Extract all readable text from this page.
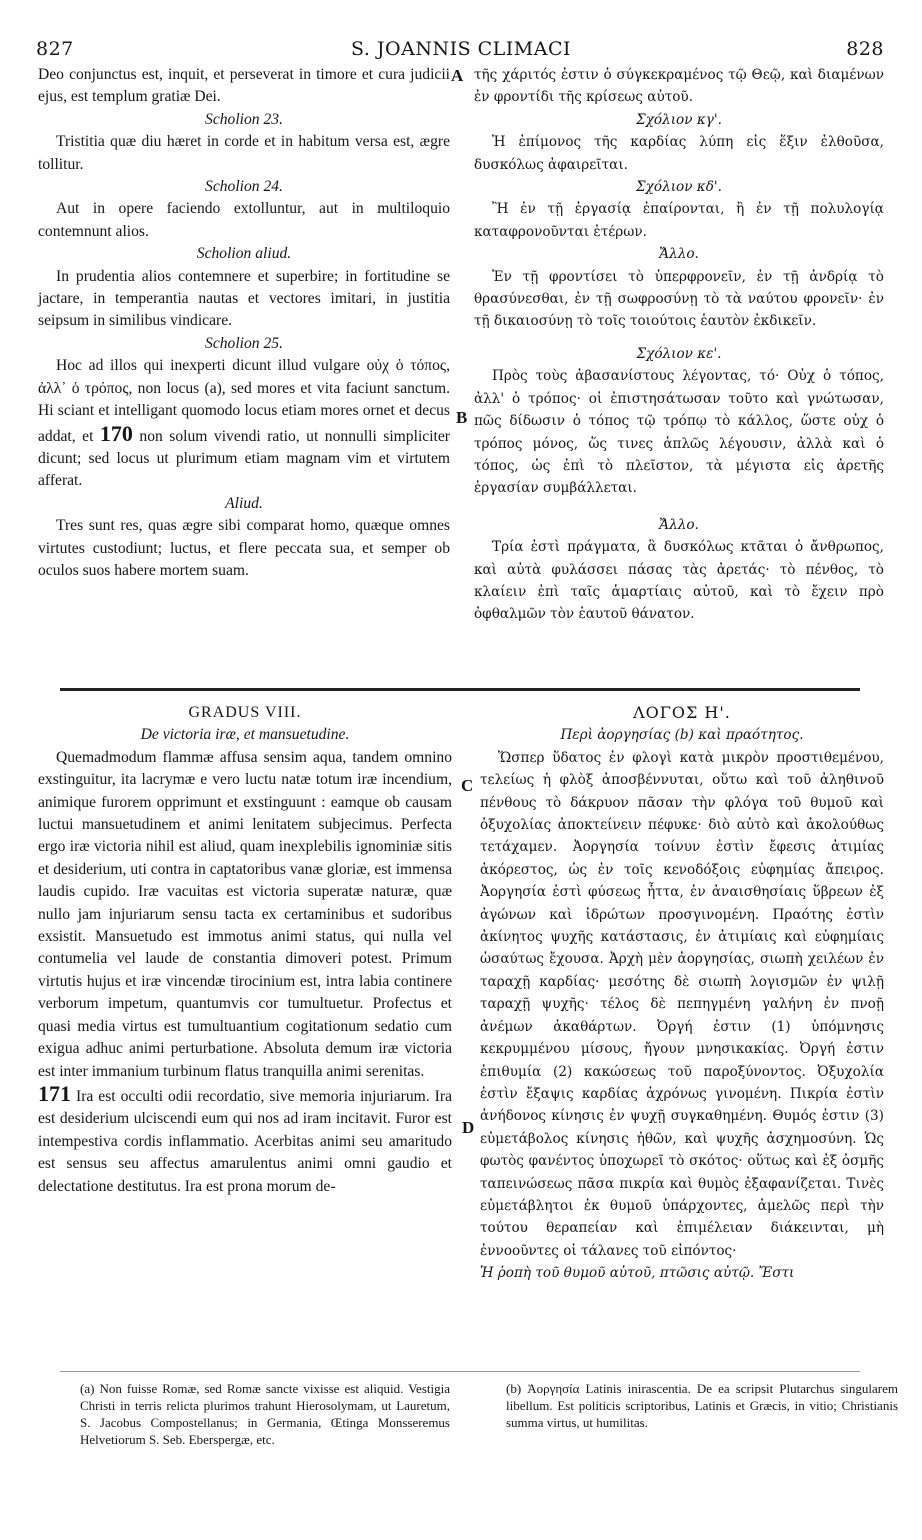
827	S. JOANNIS CLIMACI	828
A
B
C
D

Deo conjunctus est, inquit, et perseverat in timore et cura judicii ejus, est templum gratiæ Dei.

Scholion 23.

Tristitia quæ diu hæret in corde et in habitum versa est, ægre tollitur.

Scholion 24.

Aut in opere faciendo extolluntur, aut in multiloquio contemnunt alios.

Scholion aliud.

In prudentia alios contemnere et superbire; in fortitudine se jactare, in temperantia nautas et vectores imitari, in justitia seipsum in similibus vindicare.

Scholion 25.

Hoc ad illos qui inexperti dicunt illud vulgare οὐχ ὁ τόπος, ἀλλ᾽ ὁ τρόπος, non locus (a), sed mores et vita faciunt sanctum. Hi sciant et intelligant quomodo locus etiam mores ornet et decus addat, et 170 non solum vivendi ratio, ut nonnulli simpliciter dicunt; sed locus ut plurimum etiam magnam vim et virtutem afferat.

Aliud.

Tres sunt res, quas ægre sibi comparat homo, quæque omnes virtutes custodiunt; luctus, et flere peccata sua, et semper ob oculos suos habere mortem suam.

τῆς χάριτός ἐστιν ὁ σύγκεκραμένος τῷ Θεῷ, καὶ διαμένων ἐν φροντίδι τῆς κρίσεως αὐτοῦ.

Σχόλιον κγ'.

Ἡ ἐπίμονος τῆς καρδίας λύπη εἰς ἕξιν ἐλθοῦσα, δυσκόλως ἀφαιρεῖται.

Σχόλιον κδ'.

Ἢ ἐν τῇ ἐργασίᾳ ἐπαίρονται, ἢ ἐν τῇ πολυλογίᾳ καταφρονοῦνται ἑτέρων.

Ἄλλο.

Ἐν τῇ φροντίσει τὸ ὑπερφρονεῖν, ἐν τῇ ἀνδρίᾳ τὸ θρασύνεσθαι, ἐν τῇ σωφροσύνῃ τὸ τὰ ναύτου φρονεῖν· ἐν τῇ δικαιοσύνῃ τὸ τοῖς τοιούτοις ἑαυτὸν ἐκδικεῖν.

Σχόλιον κε'.

Πρὸς τοὺς ἀβασανίστους λέγοντας, τό· Οὐχ ὁ τόπος, ἀλλ' ὁ τρόπος· οἱ ἐπιστησάτωσαν τοῦτο καὶ γνώτωσαν, πῶς δίδωσιν ὁ τόπος τῷ τρόπῳ τὸ κάλλος, ὥστε οὐχ ὁ τρόπος μόνος, ὥς τινες ἁπλῶς λέγουσιν, ἀλλὰ καὶ ὁ τόπος, ὡς ἐπὶ τὸ πλεῖστον, τὰ μέγιστα εἰς ἀρετῆς ἐργασίαν συμβάλλεται.

Ἄλλο.

Τρία ἐστὶ πράγματα, ἃ δυσκόλως κτᾶται ὁ ἄνθρωπος, καὶ αὐτὰ φυλάσσει πάσας τὰς ἀρετάς· τὸ πένθος, τὸ κλαίειν ἐπὶ ταῖς ἁμαρτίαις αὐτοῦ, καὶ τὸ ἔχειν πρὸ ὀφθαλμῶν τὸν ἑαυτοῦ θάνατον.

GRADUS VIII.

De victoria iræ, et mansuetudine.

Quemadmodum flammæ affusa sensim aqua, tandem omnino exstinguitur, ita lacrymæ e vero luctu natæ totum iræ incendium, animique furorem opprimunt et exstinguunt : eamque ob causam luctui mansuetudinem et animi lenitatem subjecimus. Perfecta ergo iræ victoria nihil est aliud, quam inexplebilis ignominiæ sitis et desiderium, uti contra in captatoribus vanæ gloriæ, est immensa laudis cupido. Iræ vacuitas est victoria superatæ naturæ, quæ nullo jam injuriarum sensu tacta ex certaminibus et sudoribus exsistit. Mansuetudo est immotus animi status, qui nulla vel contumelia vel laude de constantia dimoveri potest. Primum virtutis hujus et iræ vincendæ tirocinium est, intra labia continere verborum impetum, quantumvis cor tumultuetur. Profectus et quasi media virtus est tumultuantium cogitationum sedatio cum exigua adhuc animi perturbatione. Absoluta demum iræ victoria est inter immanium turbinum flatus tranquilla animi serenitas.

171 Ira est occulti odii recordatio, sive memoria injuriarum. Ira est desiderium ulciscendi eum qui nos ad iram incitavit. Furor est intempestiva cordis inflammatio. Acerbitas animi seu amaritudo est sensus seu affectus amarulentus animi omni gaudio et delectatione destitutus. Ira est prona morum de-

ΛΟΓΟΣ Η'.

Περὶ ἀοργησίας (b) καὶ πραότητος.

Ὥσπερ ὕδατος ἐν φλογὶ κατὰ μικρὸν προστιθεμένου, τελείως ἡ φλὸξ ἀποσβέννυται, οὕτω καὶ τοῦ ἀληθινοῦ πένθους τὸ δάκρυον πᾶσαν τὴν φλόγα τοῦ θυμοῦ καὶ ὀξυχολίας ἀποκτείνειν πέφυκε· διὸ αὐτὸ καὶ ἀκολούθως τετάχαμεν. Ἀοργησία τοίνυν ἐστὶν ἔφεσις ἀτιμίας ἀκόρεστος, ὡς ἐν τοῖς κενοδόξοις εὐφημίας ἄπειρος. Ἀοργησία ἐστὶ φύσεως ἧττα, ἐν ἀναισθησίαις ὕβρεων ἐξ ἀγώνων καὶ ἱδρώτων προσγινομένη. Πραότης ἐστὶν ἀκίνητος ψυχῆς κατάστασις, ἐν ἀτιμίαις καὶ εὐφημίαις ὡσαύτως ἔχουσα. Ἀρχὴ μὲν ἀοργησίας, σιωπὴ χειλέων ἐν ταραχῇ καρδίας· μεσότης δὲ σιωπὴ λογισμῶν ἐν ψιλῇ ταραχῇ ψυχῆς· τέλος δὲ πεπηγμένη γαλήνη ἐν πνοῇ ἀνέμων ἀκαθάρτων. Ὀργή ἐστιν (1) ὑπόμνησις κεκρυμμένου μίσους, ἤγουν μνησικακίας. Ὀργή ἐστιν ἐπιθυμία (2) κακώσεως τοῦ παροξύνοντος. Ὀξυχολία ἐστὶν ἔξαψις καρδίας ἀχρόνως γινομένη. Πικρία ἐστὶν ἀνήδονος κίνησις ἐν ψυχῇ συγκαθημένη. Θυμός ἐστιν (3) εὐμετάβολος κίνησις ἠθῶν, καὶ ψυχῆς ἀσχημοσύνη. Ὡς φωτὸς φανέντος ὑποχωρεῖ τὸ σκότος· οὕτως καὶ ἐξ ὀσμῆς ταπεινώσεως πᾶσα πικρία καὶ θυμὸς ἐξαφανίζεται. Τινὲς εὐμετάβλητοι ἐκ θυμοῦ ὑπάρχοντες, ἀμελῶς περὶ τὴν τούτου θεραπείαν καὶ ἐπιμέλειαν διάκεινται, μὴ ἐννοοῦντες οἱ τάλανες τοῦ εἰπόντος·

Ἡ ῥοπὴ τοῦ θυμοῦ αὐτοῦ, πτῶσις αὐτῷ. Ἔστι

(a) Non fuisse Romæ, sed Romæ sancte vixisse est aliquid. Vestigia Christi in terris relicta plurimos trahunt Hierosolymam, ut Lauretum, S. Jacobus Compostellanus; in Germania, Œtinga Monsseremus Helvetiorum S. Seb. Eberspergæ, etc.
(b) Ἀοργησία Latinis inirascentia. De ea scripsit Plutarchus singularem libellum. Est politicis scriptoribus, Latinis et Græcis, in vitio; Christianis summa virtus, ut humilitas.
